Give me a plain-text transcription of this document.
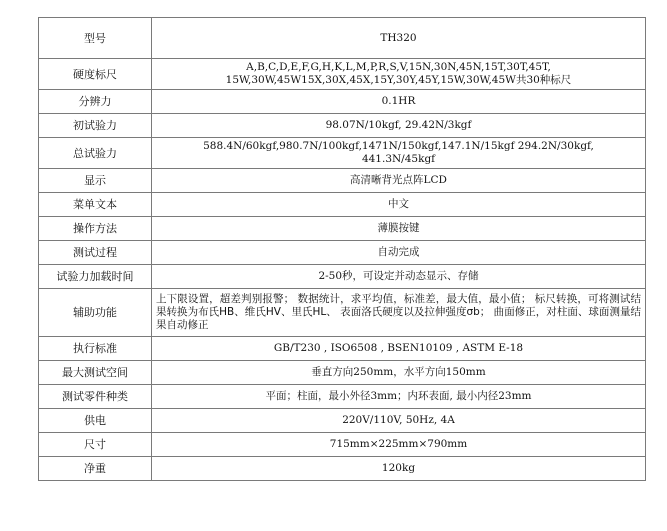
型号	TH320
硬度标尺	A,B,C,D,E,F,G,H,K,L,M,P,R,S,V,15N,30N,45N,15T,30T,45T,
15W,30W,45W15X,30X,45X,15Y,30Y,45Y,15W,30W,45W共30种标尺
分辨力	0.1HR
初试验力	98.07N/10kgf, 29.42N/3kgf
总试验力	588.4N/60kgf,980.7N/100kgf,1471N/150kgf,147.1N/15kgf 294.2N/30kgf,
441.3N/45kgf
显示	高清晰背光点阵LCD
菜单文本	中文
操作方法	薄膜按键
测试过程	自动完成
试验力加载时间	2-50秒，可设定并动态显示、存储
辅助功能	上下限设置，超差判别报警； 数据统计，求平均值，标准差，最大值，最小值； 标尺转换，可将测试结果转换为布氏HB、维氏HV、里氏HL、 表面洛氏硬度以及拉伸强度σb； 曲面修正，对柱面、球面测量结果自动修正
执行标准	GB/T230 , ISO6508 , BSEN10109 , ASTM E-18
最大测试空间	垂直方向250mm，水平方向150mm
测试零件种类	平面；柱面，最小外径3mm；内环表面, 最小内径23mm
供电	220V/110V, 50Hz, 4A
尺寸	715mm×225mm×790mm
净重	120kg
